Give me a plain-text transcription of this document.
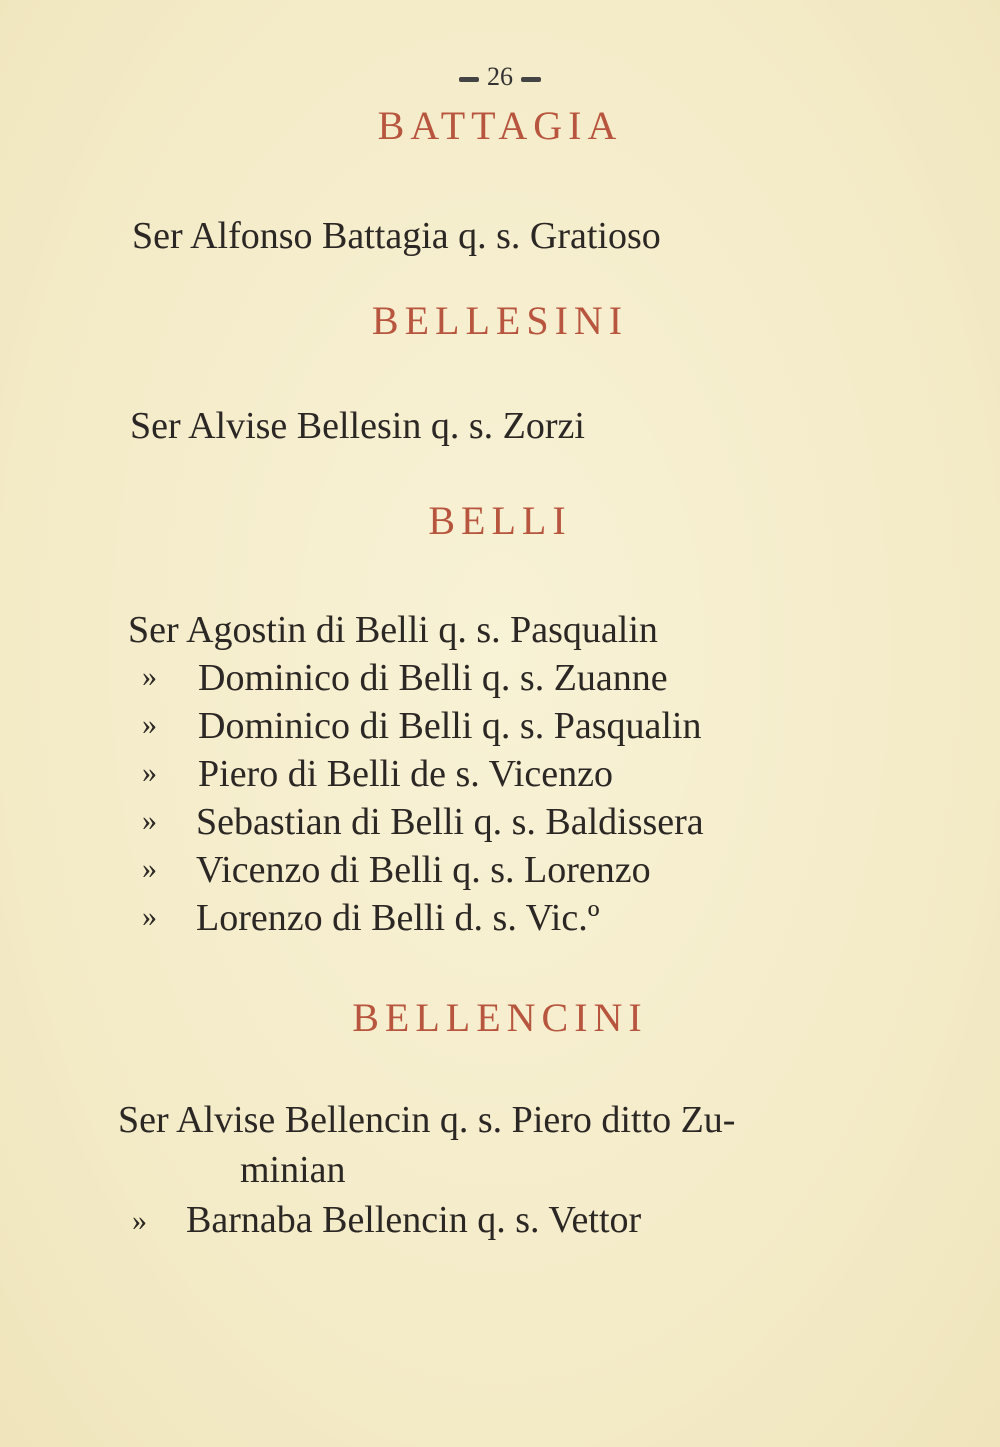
26
BATTAGIA
Ser Alfonso Battagia q. s. Gratioso
BELLESINI
Ser Alvise Bellesin q. s. Zorzi
BELLI
Ser Agostin di Belli q. s. Pasqualin
» Dominico di Belli q. s. Zuanne
» Dominico di Belli q. s. Pasqualin
» Piero di Belli de s. Vicenzo
» Sebastian di Belli q. s. Baldissera
» Vicenzo di Belli q. s. Lorenzo
» Lorenzo di Belli d. s. Vic.º
BELLENCINI
Ser Alvise Bellencin q. s. Piero ditto Zu-
minian
» Barnaba Bellencin q. s. Vettor
